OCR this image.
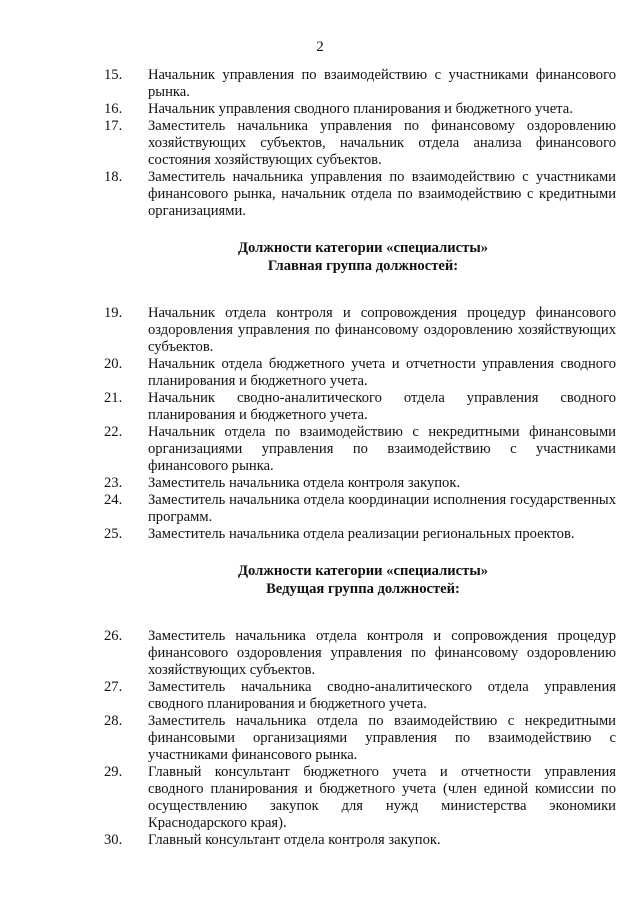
2
15. Начальник управления по взаимодействию с участниками финансового рынка.
16. Начальник управления сводного планирования и бюджетного учета.
17. Заместитель начальника управления по финансовому оздоровлению хозяйствующих субъектов, начальник отдела анализа финансового состояния хозяйствующих субъектов.
18. Заместитель начальника управления по взаимодействию с участниками финансового рынка, начальник отдела по взаимодействию с кредитными организациями.
Должности категории «специалисты»
Главная группа должностей:
19. Начальник отдела контроля и сопровождения процедур финансового оздоровления управления по финансовому оздоровлению хозяйствующих субъектов.
20. Начальник отдела бюджетного учета и отчетности управления сводного планирования и бюджетного учета.
21. Начальник сводно-аналитического отдела управления сводного планирования и бюджетного учета.
22. Начальник отдела по взаимодействию с некредитными финансовыми организациями управления по взаимодействию с участниками финансового рынка.
23. Заместитель начальника отдела контроля закупок.
24. Заместитель начальника отдела координации исполнения государственных программ.
25. Заместитель начальника отдела реализации региональных проектов.
Должности категории «специалисты»
Ведущая группа должностей:
26. Заместитель начальника отдела контроля и сопровождения процедур финансового оздоровления управления по финансовому оздоровлению хозяйствующих субъектов.
27. Заместитель начальника сводно-аналитического отдела управления сводного планирования и бюджетного учета.
28. Заместитель начальника отдела по взаимодействию с некредитными финансовыми организациями управления по взаимодействию с участниками финансового рынка.
29. Главный консультант бюджетного учета и отчетности управления сводного планирования и бюджетного учета (член единой комиссии по осуществлению закупок для нужд министерства экономики Краснодарского края).
30. Главный консультант отдела контроля закупок.
